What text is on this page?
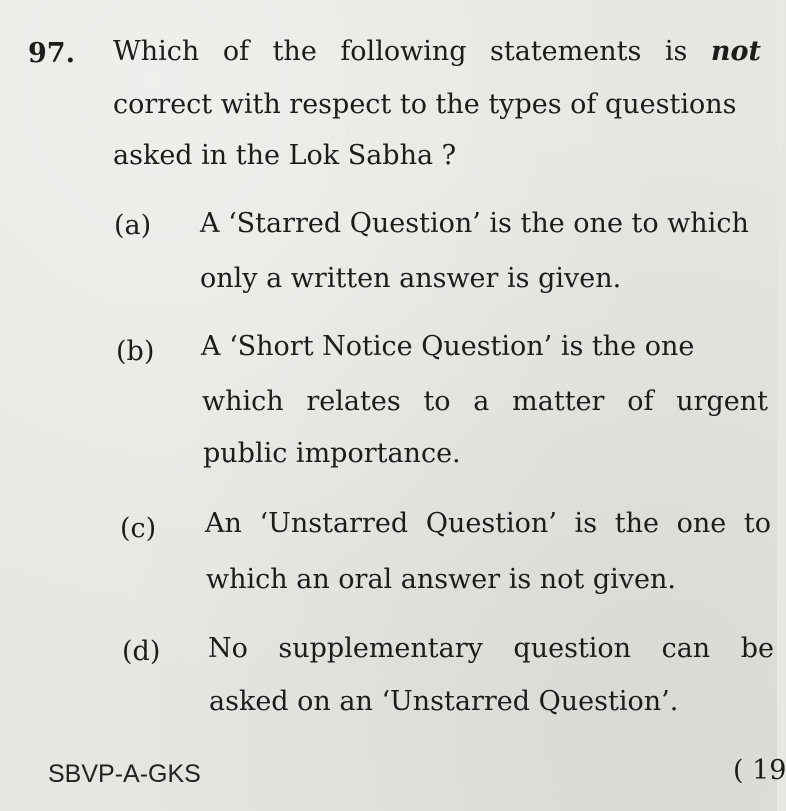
97. Which of the following statements is not
correct with respect to the types of questions
asked in the Lok Sabha ?
(a) A ‘Starred Question’ is the one to which
only a written answer is given.
(b) A ‘Short Notice Question’ is the one
which relates to a matter of urgent
public importance.
(c) An ‘Unstarred Question’ is the one to
which an oral answer is not given.
(d) No supplementary question can be
asked on an ‘Unstarred Question’.
SBVP-A-GKS	( 19
